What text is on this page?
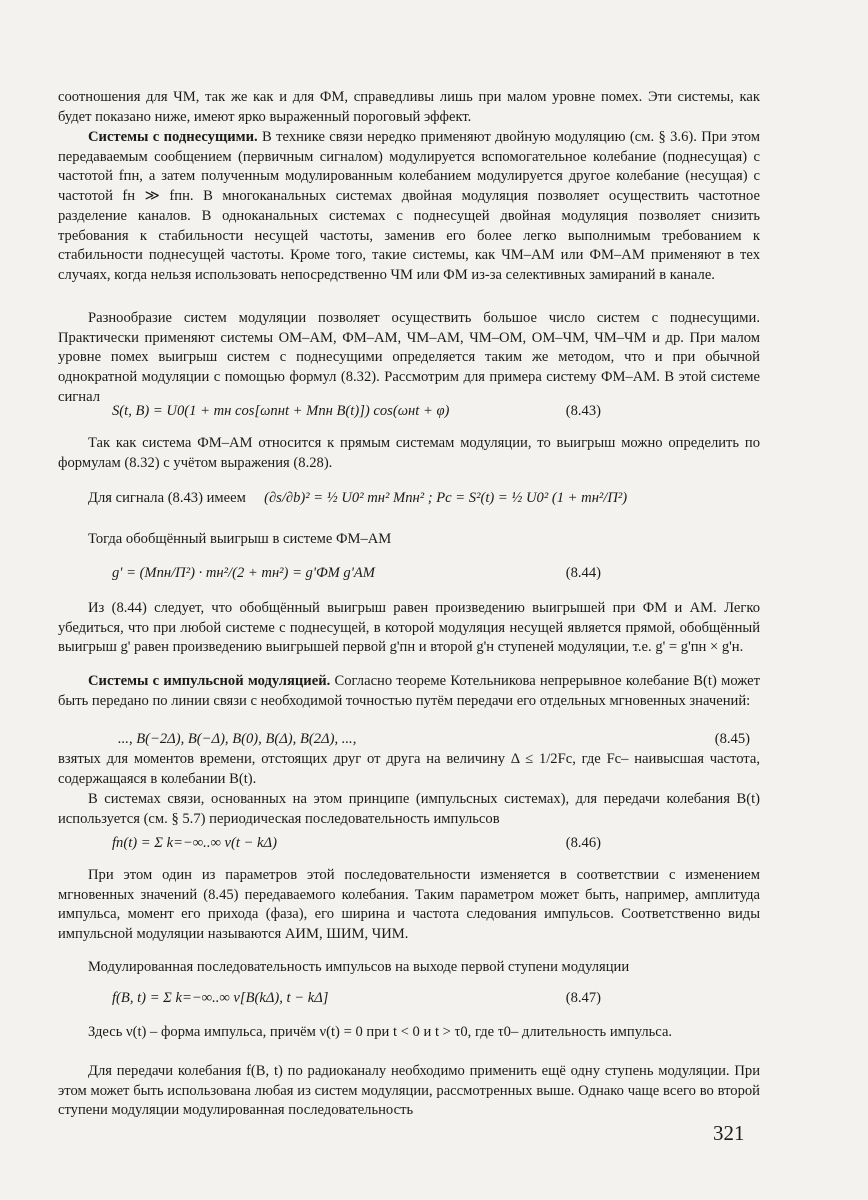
соотношения для ЧМ, так же как и для ФМ, справедливы лишь при малом уровне помех. Эти системы, как будет показано ниже, имеют ярко выраженный пороговый эффект.

Системы с поднесущими. В технике связи нередко применяют двойную модуляцию (см. § 3.6). При этом передаваемым сообщением (первичным сигналом) модулируется вспомогательное колебание (поднесущая) с частотой fпн, а затем полученным модулированным колебанием модулируется другое колебание (несущая) с частотой fн ≫ fпн. В многоканальных системах двойная модуляция позволяет осуществить частотное разделение каналов. В одноканальных системах с поднесущей двойная модуляция позволяет снизить требования к стабильности несущей частоты, заменив его более легко выполнимым требованием к стабильности поднесущей частоты. Кроме того, такие системы, как ЧМ–АМ или ФМ–АМ применяют в тех случаях, когда нельзя использовать непосредственно ЧМ или ФМ из-за селективных замираний в канале.

Разнообразие систем модуляции позволяет осуществить большое число систем с поднесущими. Практически применяют системы ОМ–АМ, ФМ–АМ, ЧМ–АМ, ЧМ–ОМ, ОМ–ЧМ, ЧМ–ЧМ и др. При малом уровне помех выигрыш систем с поднесущими определяется таким же методом, что и при обычной однократной модуляции с помощью формул (8.32). Рассмотрим для примера систему ФМ–АМ. В этой системе сигнал

S(t, B) = U0(1 + mн cos[ωпнt + Mпн B(t)]) cos(ωнt + φ)	(8.43)

Так как система ФМ–АМ относится к прямым системам модуляции, то выигрыш можно определить по формулам (8.32) с учётом выражения (8.28).

Для сигнала (8.43) имеем (∂s/∂b)² = ½ U0² mн² Mпн² ; Pc = S²(t) = ½ U0² (1 + mн²/П²)

Тогда обобщённый выигрыш в системе ФМ–АМ

g' = (Mпн/П²) · mн²/(2 + mн²) = g'ФМ g'АМ	(8.44)

Из (8.44) следует, что обобщённый выигрыш равен произведению выигрышей при ФМ и АМ. Легко убедиться, что при любой системе с поднесущей, в которой модуляция несущей является прямой, обобщённый выигрыш g' равен произведению выигрышей первой g'пн и второй g'н ступеней модуляции, т.е. g' = g'пн × g'н.

Системы с импульсной модуляцией. Согласно теореме Котельникова непрерывное колебание B(t) может быть передано по линии связи с необходимой точностью путём передачи его отдельных мгновенных значений:

..., B(−2Δ), B(−Δ), B(0), B(Δ), B(2Δ), ...,	(8.45)

взятых для моментов времени, отстоящих друг от друга на величину Δ ≤ 1/2Fc, где Fc– наивысшая частота, содержащаяся в колебании B(t).

В системах связи, основанных на этом принципе (импульсных системах), для передачи колебания B(t) используется (см. § 5.7) периодическая последовательность импульсов

fп(t) = Σ k=−∞..∞ ν(t − kΔ)	(8.46)

При этом один из параметров этой последовательности изменяется в соответствии с изменением мгновенных значений (8.45) передаваемого колебания. Таким параметром может быть, например, амплитуда импульса, момент его прихода (фаза), его ширина и частота следования импульсов. Соответственно виды импульсной модуляции называются АИМ, ШИМ, ЧИМ.

Модулированная последовательность импульсов на выходе первой ступени модуляции

f(B, t) = Σ k=−∞..∞ ν[B(kΔ), t − kΔ]	(8.47)

Здесь ν(t) – форма импульса, причём ν(t) = 0 при t < 0 и t > τ0, где τ0– длительность импульса.

Для передачи колебания f(B, t) по радиоканалу необходимо применить ещё одну ступень модуляции. При этом может быть использована любая из систем модуляции, рассмотренных выше. Однако чаще всего во второй ступени модуляции модулированная последовательность

321
